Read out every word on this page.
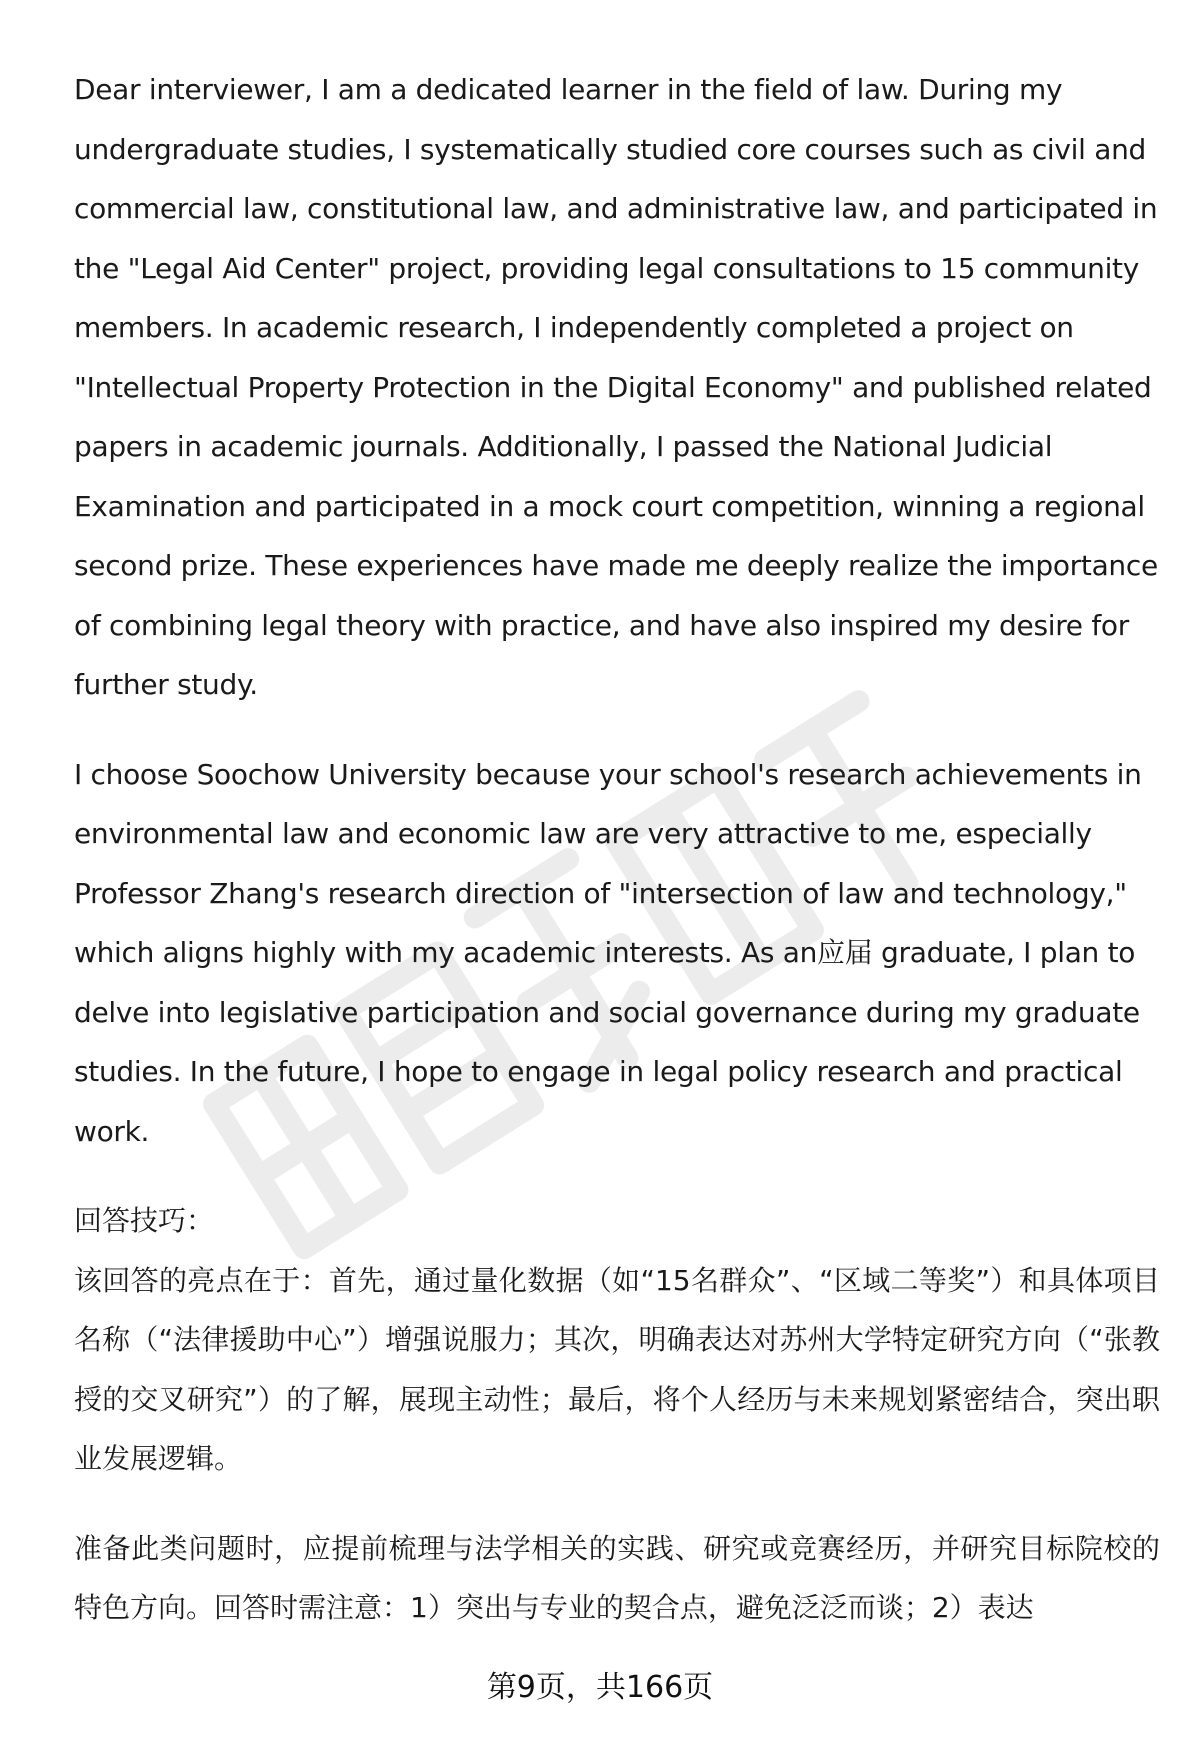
Dear interviewer, I am a dedicated learner in the field of law. During my undergraduate studies, I systematically studied core courses such as civil and commercial law, constitutional law, and administrative law, and participated in the "Legal Aid Center" project, providing legal consultations to 15 community members. In academic research, I independently completed a project on "Intellectual Property Protection in the Digital Economy" and published related papers in academic journals. Additionally, I passed the National Judicial Examination and participated in a mock court competition, winning a regional second prize. These experiences have made me deeply realize the importance of combining legal theory with practice, and have also inspired my desire for further study.

I choose Soochow University because your school's research achievements in environmental law and economic law are very attractive to me, especially Professor Zhang's research direction of "intersection of law and technology," which aligns highly with my academic interests. As an应届 graduate, I plan to delve into legislative participation and social governance during my graduate studies. In the future, I hope to engage in legal policy research and practical work.

回答技巧：

该回答的亮点在于：首先，通过量化数据（如“15名群众”、“区域二等奖”）和具体项目名称（“法律援助中心”）增强说服力；其次，明确表达对苏州大学特定研究方向（“张教授的交叉研究”）的了解，展现主动性；最后，将个人经历与未来规划紧密结合，突出职业发展逻辑。

准备此类问题时，应提前梳理与法学相关的实践、研究或竞赛经历，并研究目标院校的特色方向。回答时需注意：1）突出与专业的契合点，避免泛泛而谈；2）表达

第9页，共166页
